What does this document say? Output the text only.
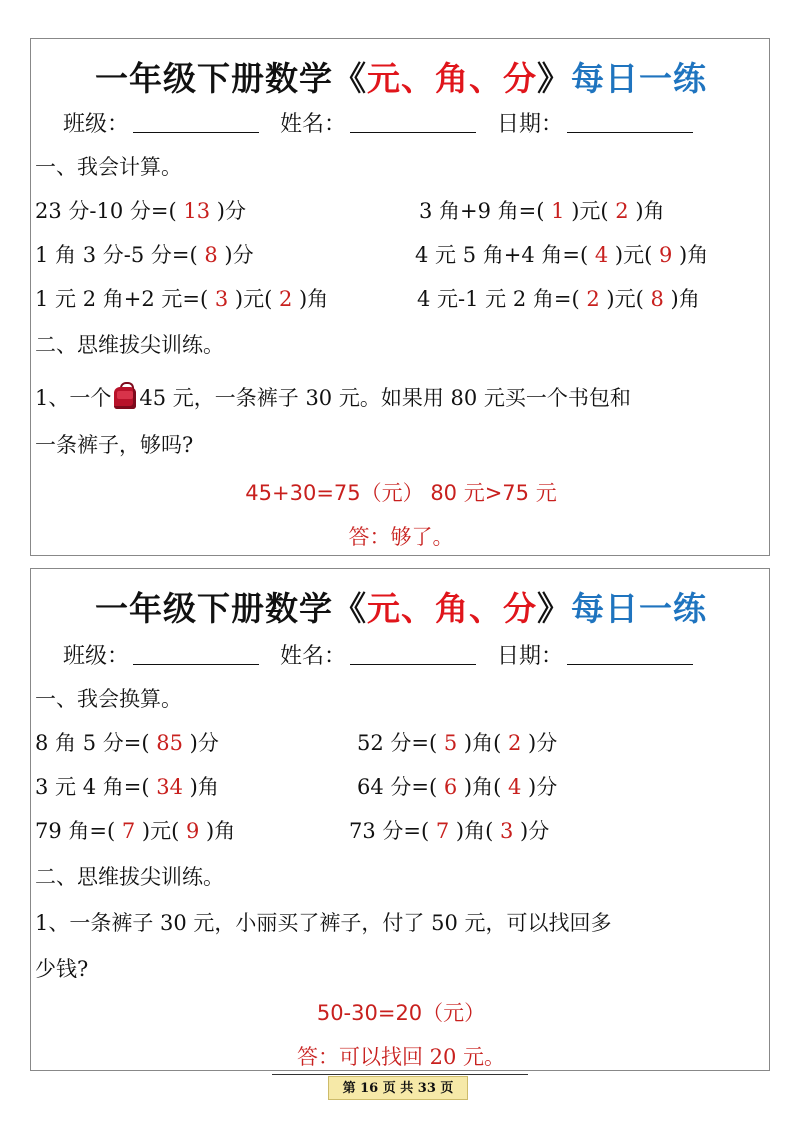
一年级下册数学《元、角、分》每日一练
班级：	姓名：	日期：
一、我会计算。
23 分-10 分=( 13 )分	3 角+9 角=( 1 )元( 2 )角
1 角 3 分-5 分=( 8 )分	4 元 5 角+4 角=( 4 )元( 9 )角
1 元 2 角+2 元=( 3 )元( 2 )角	4 元-1 元 2 角=( 2 )元( 8 )角
二、思维拔尖训练。
1、一个 45 元，一条裤子 30 元。如果用 80 元买一个书包和
一条裤子，够吗?
45+30=75（元） 80 元>75 元
答：够了。
一年级下册数学《元、角、分》每日一练
班级：	姓名：	日期：
一、我会换算。
8 角 5 分=( 85 )分	52 分=( 5 )角( 2 )分
3 元 4 角=( 34 )角	64 分=( 6 )角( 4 )分
79 角=( 7 )元( 9 )角	73 分=( 7 )角( 3 )分
二、思维拔尖训练。
1、一条裤子 30 元，小丽买了裤子，付了 50 元，可以找回多
少钱?
50-30=20（元）
答：可以找回 20 元。
第 16 页 共 33 页
